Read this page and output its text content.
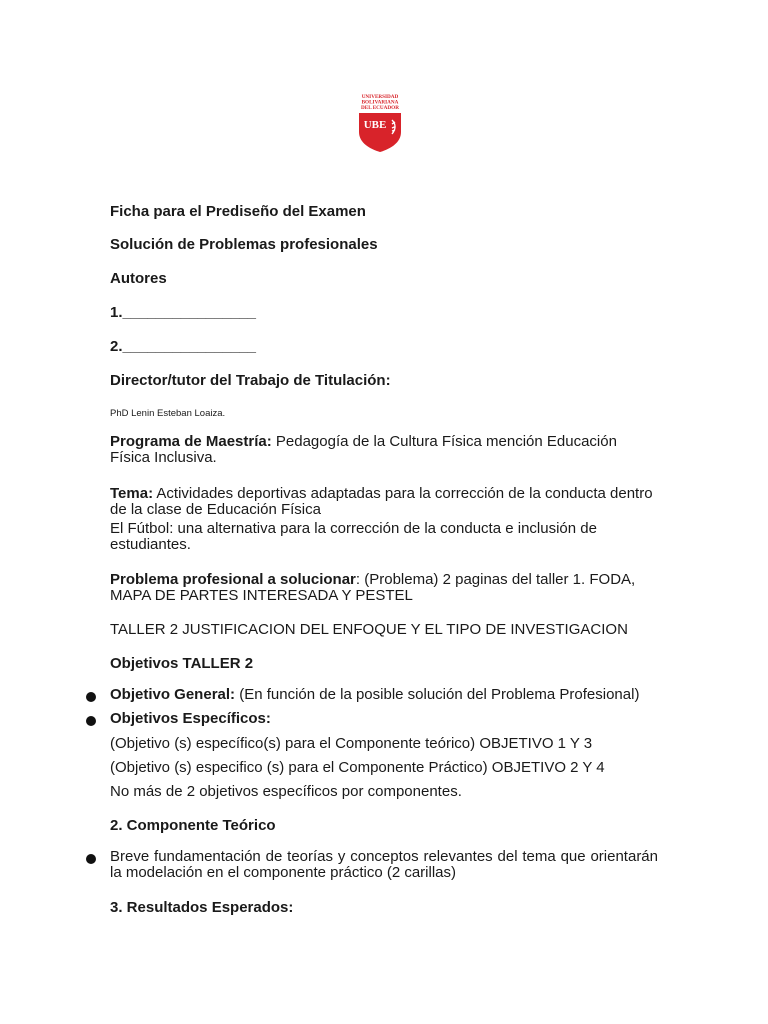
UNIVERSIDAD
BOLIVARIANA
DEL ECUADOR
UBE
Ficha para el Prediseño del Examen
Solución de Problemas profesionales
Autores
1.________________
2.________________
Director/tutor del Trabajo de Titulación:
PhD Lenin Esteban Loaiza.
Programa de Maestría: Pedagogía de la Cultura Física mención Educación Física Inclusiva.
Tema: Actividades deportivas adaptadas para la corrección de la conducta dentro de la clase de Educación Física
El Fútbol: una alternativa para la corrección de la conducta e inclusión de estudiantes.
Problema profesional a solucionar: (Problema) 2 paginas del taller 1. FODA, MAPA DE PARTES INTERESADA Y PESTEL
TALLER 2 JUSTIFICACION DEL ENFOQUE Y EL TIPO DE INVESTIGACION
Objetivos TALLER 2
Objetivo General: (En función de la posible solución del Problema Profesional)
Objetivos Específicos:
(Objetivo (s) específico(s) para el Componente teórico) OBJETIVO 1 Y 3
(Objetivo (s) especifico (s) para el Componente Práctico) OBJETIVO 2 Y 4
No más de 2 objetivos específicos por componentes.
2. Componente Teórico
Breve fundamentación de teorías y conceptos relevantes del tema que orientarán la modelación en el componente práctico (2 carillas)
3. Resultados Esperados:
